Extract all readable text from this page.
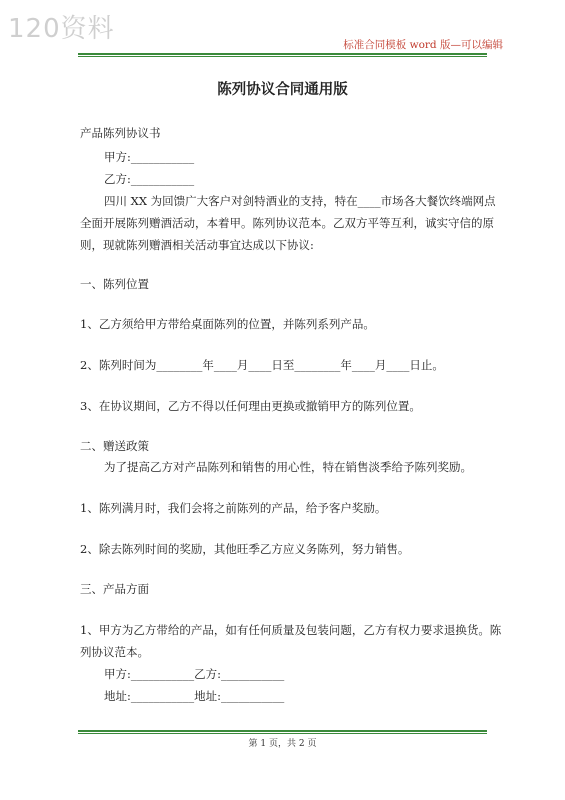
120资料
标准合同模板 word 版—可以编辑
陈列协议合同通用版
产品陈列协议书
甲方:___________
乙方:___________
四川 XX 为回馈广大客户对剑特酒业的支持，特在____市场各大餐饮终端网点
全面开展陈列赠酒活动，本着甲。陈列协议范本。乙双方平等互利，诚实守信的原
则，现就陈列赠酒相关活动事宜达成以下协议:
一、陈列位置
1、乙方须给甲方带给桌面陈列的位置，并陈列系列产品。
2、陈列时间为________年____月____日至________年____月____日止。
3、在协议期间，乙方不得以任何理由更换或撤销甲方的陈列位置。
二、赠送政策
为了提高乙方对产品陈列和销售的用心性，特在销售淡季给予陈列奖励。
1、陈列满月时，我们会将之前陈列的产品，给予客户奖励。
2、除去陈列时间的奖励，其他旺季乙方应义务陈列，努力销售。
三、产品方面
1、甲方为乙方带给的产品，如有任何质量及包装问题，乙方有权力要求退换货。陈
列协议范本。
甲方:___________乙方:___________
地址:___________地址:___________
第 1 页，共 2 页
